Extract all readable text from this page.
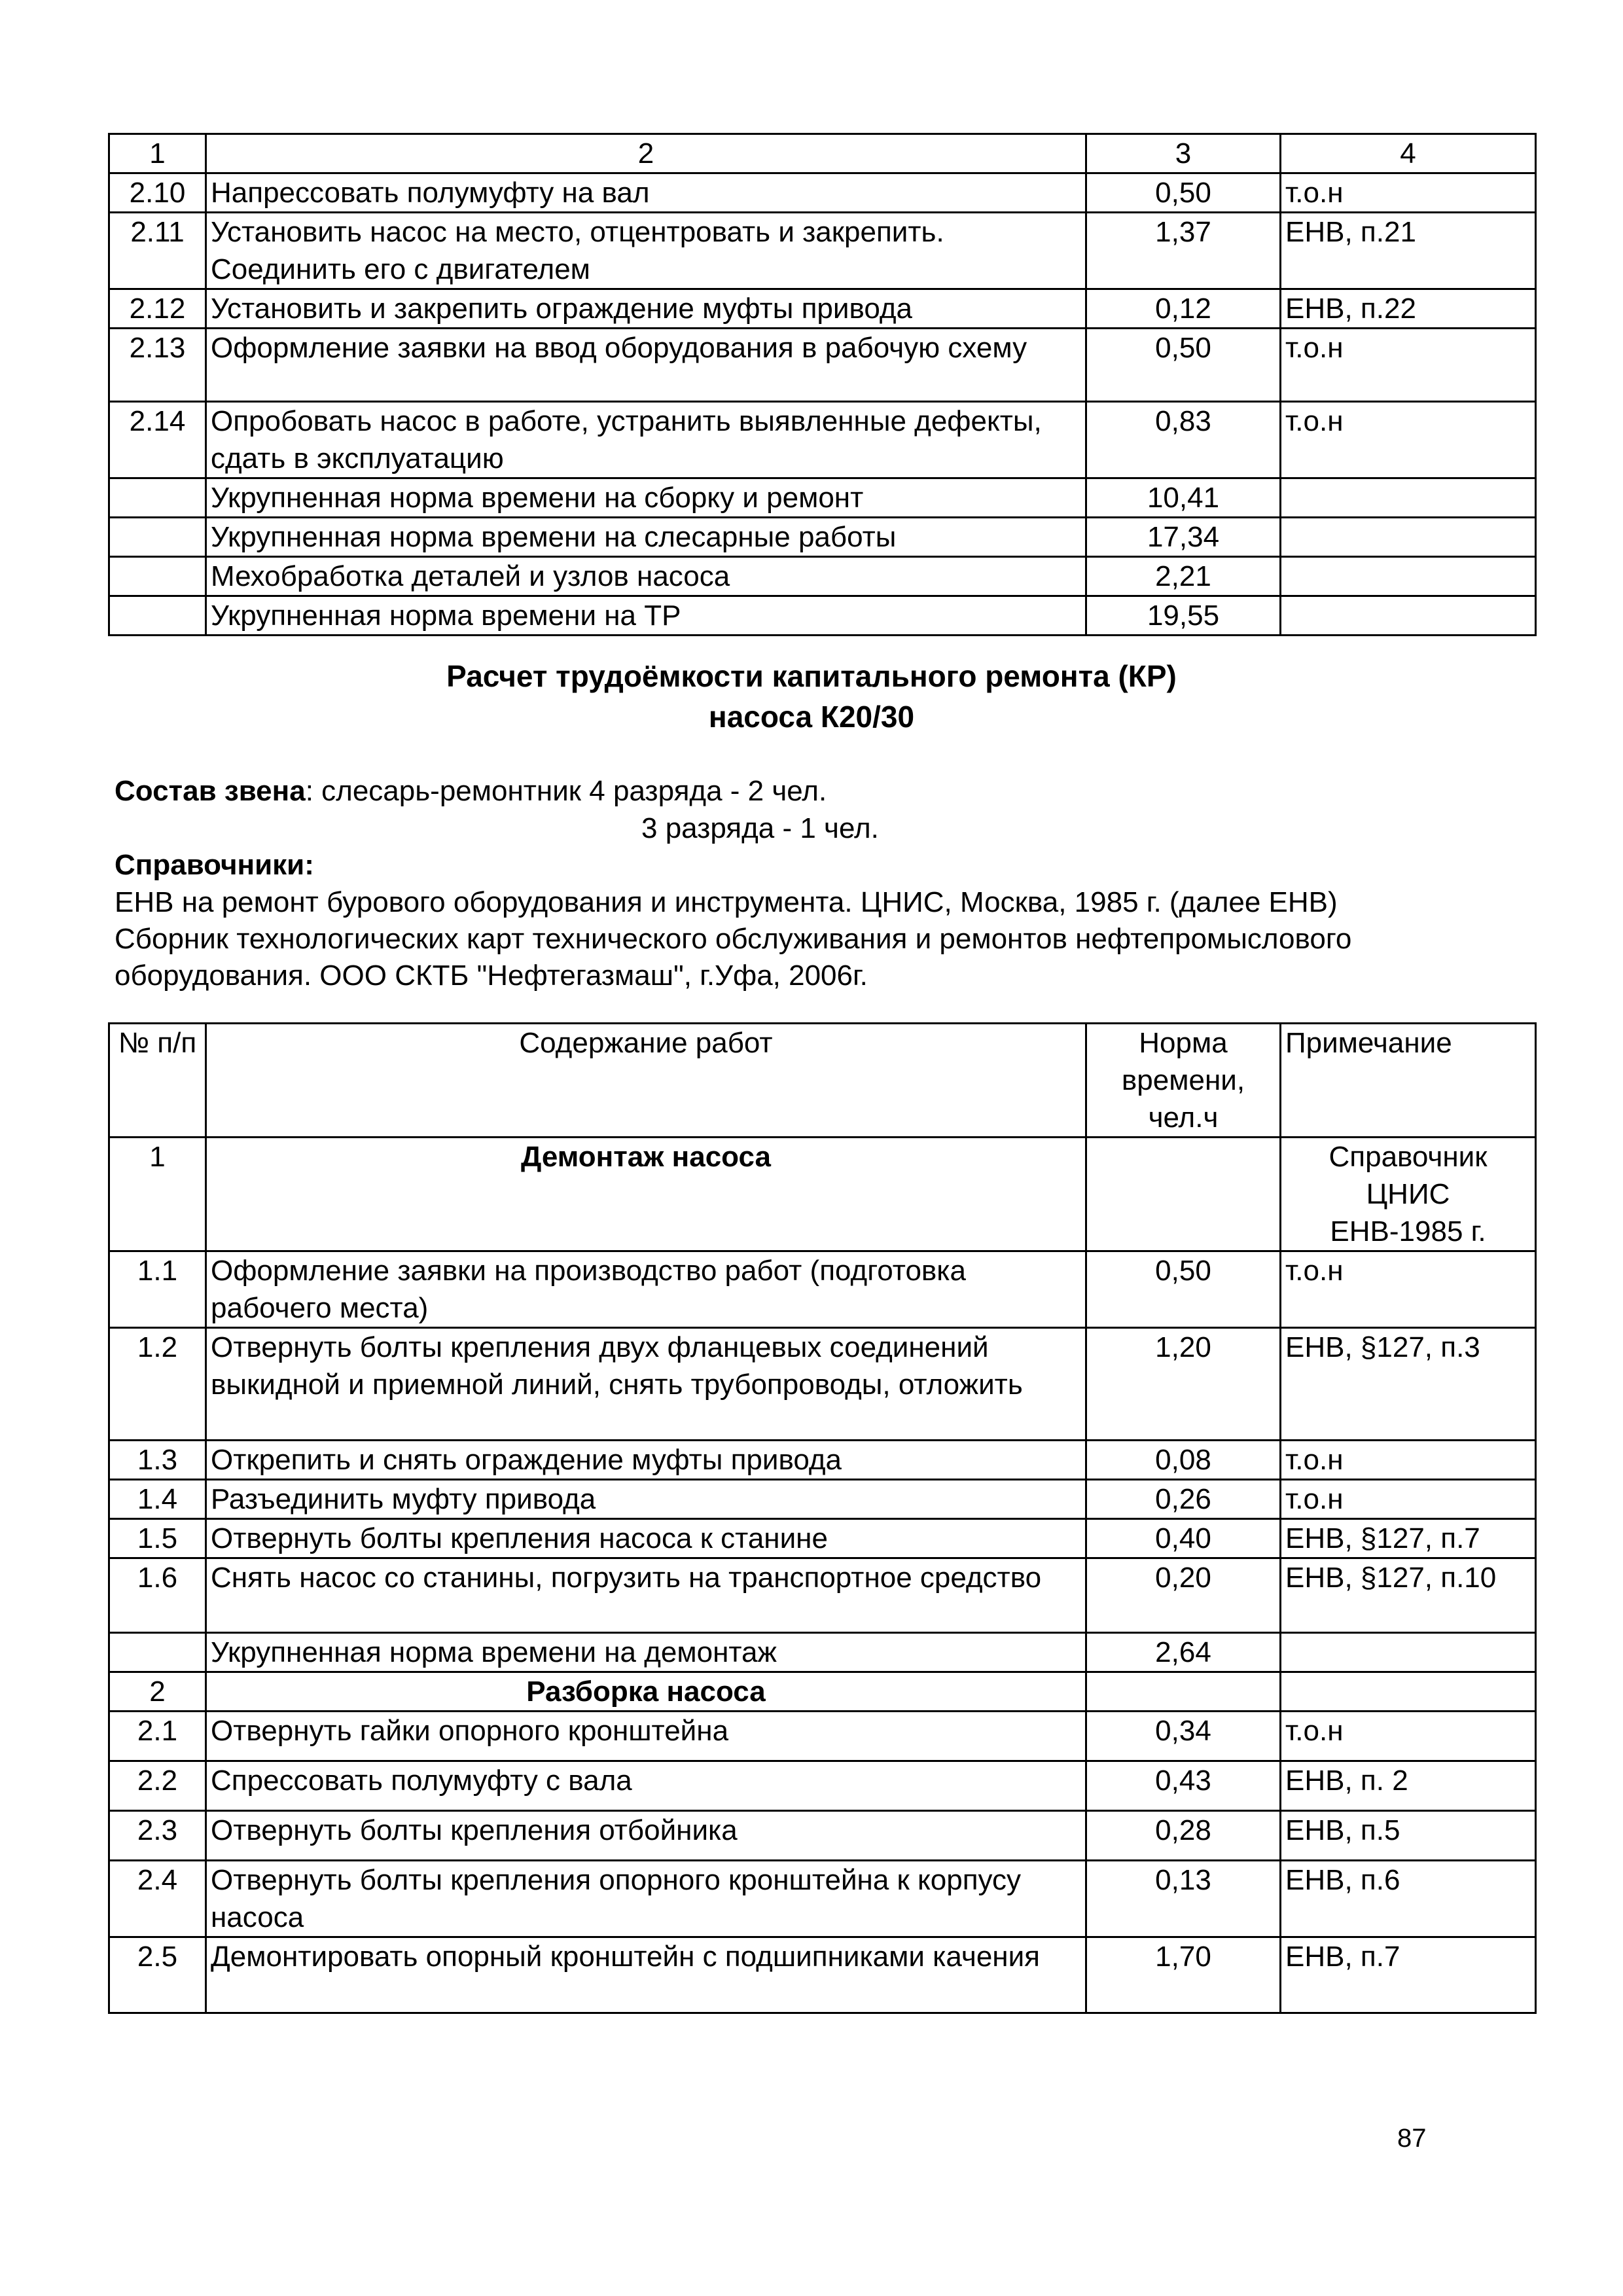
1	2	3	4
2.10	Напрессовать полумуфту на вал	0,50	т.о.н
2.11	Установить насос на место, отцентровать и закрепить. Соединить его с двигателем	1,37	ЕНВ, п.21
2.12	Установить и закрепить ограждение муфты привода	0,12	ЕНВ, п.22
2.13	Оформление заявки на ввод оборудования в рабочую схему	0,50	т.о.н
2.14	Опробовать насос в работе, устранить выявленные дефекты, сдать в эксплуатацию	0,83	т.о.н
	Укрупненная норма времени на сборку и ремонт	10,41	
	Укрупненная норма времени на слесарные работы	17,34	
	Мехобработка деталей и узлов насоса	2,21	
	Укрупненная норма времени на ТР	19,55	
Расчет трудоёмкости капитального ремонта (КР)
насоса К20/30
Состав звена: слесарь-ремонтник 4 разряда - 2 чел.
3 разряда - 1 чел.
Справочники:
ЕНВ на ремонт бурового оборудования и инструмента. ЦНИС, Москва, 1985 г. (далее ЕНВ)
Сборник технологических карт технического обслуживания и ремонтов нефтепромыслового
оборудования. ООО СКТБ "Нефтегазмаш", г.Уфа, 2006г.
№ п/п	Содержание работ	Норма
времени,
чел.ч	Примечание
1	Демонтаж насоса		Справочник
ЦНИС
ЕНВ-1985 г.

1.1	Оформление заявки на производство работ (подготовка рабочего места)	0,50	т.о.н
1.2	Отвернуть болты крепления двух фланцевых соединений выкидной и приемной линий, снять трубопроводы, отложить	1,20	ЕНВ, §127, п.3
1.3	Открепить и снять ограждение муфты привода	0,08	т.о.н
1.4	Разъединить муфту привода	0,26	т.о.н
1.5	Отвернуть болты крепления насоса к станине	0,40	ЕНВ, §127, п.7
1.6	Снять насос со станины, погрузить на транспортное средство	0,20	ЕНВ, §127, п.10
	Укрупненная норма времени на демонтаж	2,64	
2	Разборка насоса		
2.1	Отвернуть гайки опорного кронштейна	0,34	т.о.н
2.2	Спрессовать полумуфту с вала	0,43	ЕНВ, п. 2
2.3	Отвернуть болты крепления отбойника	0,28	ЕНВ, п.5
2.4	Отвернуть болты крепления опорного кронштейна к корпусу насоса	0,13	ЕНВ, п.6
2.5	Демонтировать опорный кронштейн с подшипниками качения	1,70	ЕНВ, п.7
87
